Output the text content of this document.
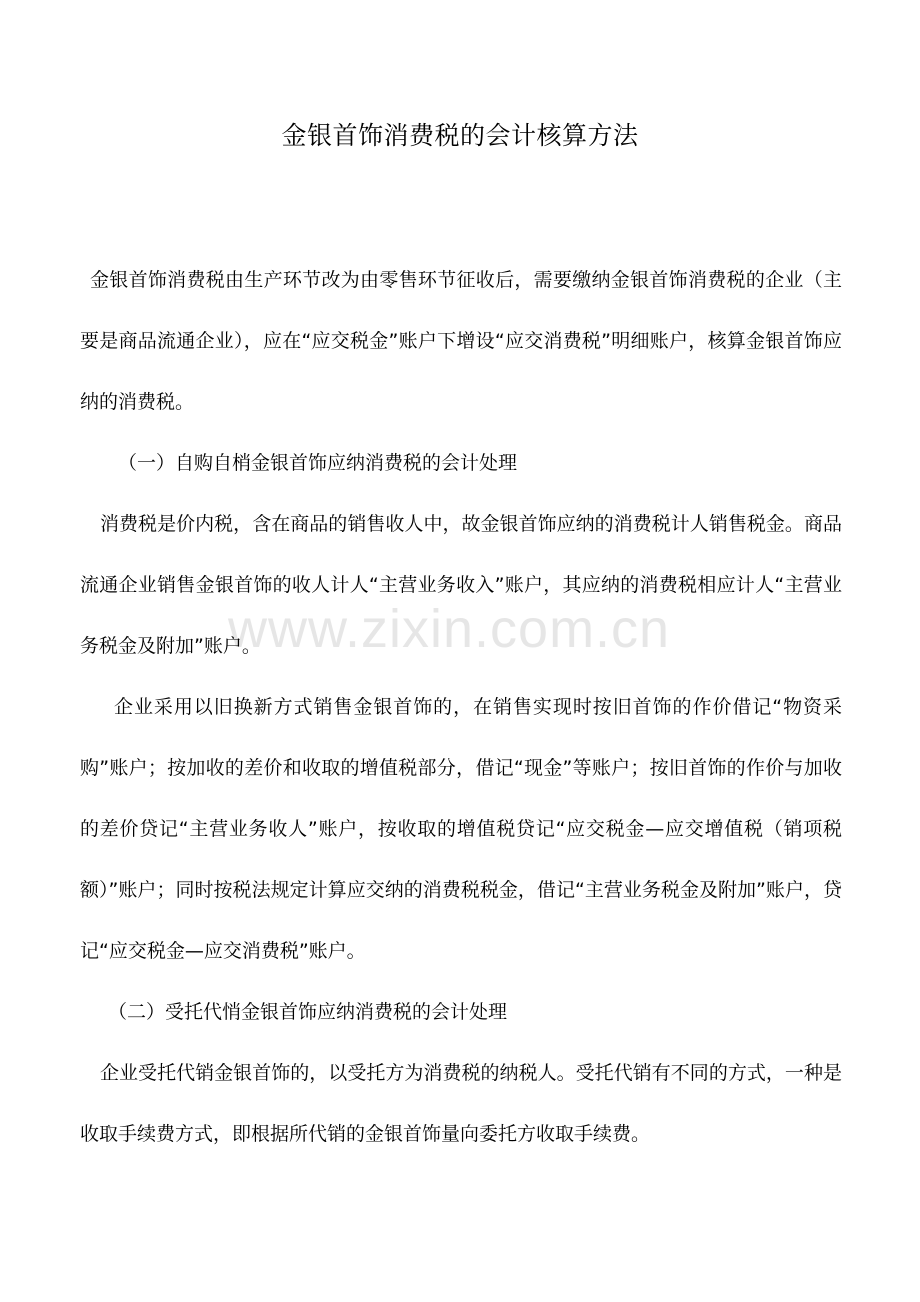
www.zixin.com.cn
金银首饰消费税的会计核算方法

金银首饰消费税由生产环节改为由零售环节征收后，需要缴纳金银首饰消费税的企业（主要是商品流通企业），应在“应交税金”账户下增设“应交消费税”明细账户，核算金银首饰应纳的消费税。

（一）自购自梢金银首饰应纳消费税的会计处理

消费税是价内税，含在商品的销售收人中，故金银首饰应纳的消费税计人销售税金。商品流通企业销售金银首饰的收人计人“主营业务收入”账户，其应纳的消费税相应计人“主营业务税金及附加”账户。

企业采用以旧换新方式销售金银首饰的，在销售实现时按旧首饰的作价借记“物资采购”账户；按加收的差价和收取的增值税部分，借记“现金”等账户；按旧首饰的作价与加收的差价贷记“主营业务收人”账户，按收取的增值税贷记“应交税金—应交增值税（销项税额）”账户；同时按税法规定计算应交纳的消费税税金，借记“主营业务税金及附加”账户，贷记“应交税金—应交消费税”账户。

（二）受托代悄金银首饰应纳消费税的会计处理

企业受托代销金银首饰的，以受托方为消费税的纳税人。受托代销有不同的方式，一种是收取手续费方式，即根据所代销的金银首饰量向委托方收取手续费。
